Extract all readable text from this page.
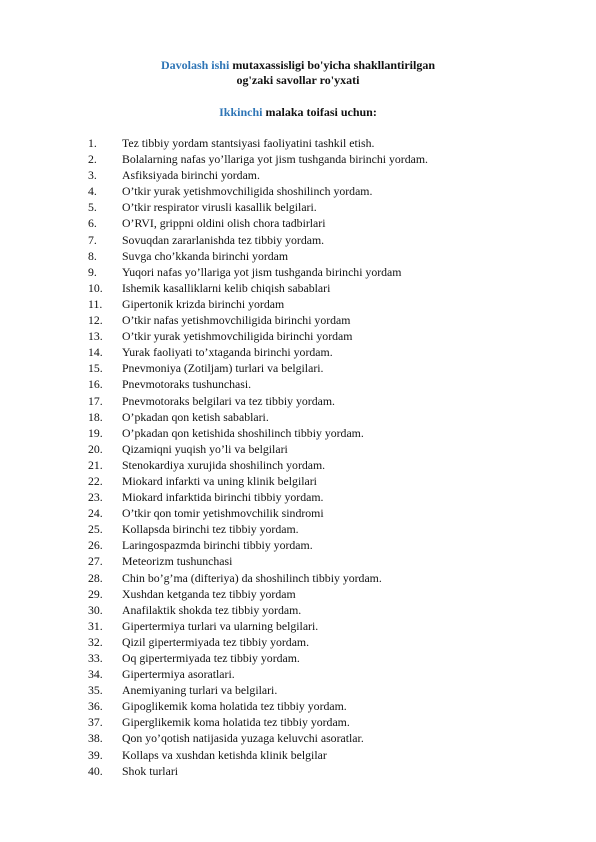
Davolash ishi mutaxassisligi bo'yicha shakllantirilgan
og'zaki savollar ro'yxati
Ikkinchi malaka toifasi uchun:
1.	Tez tibbiy yordam stantsiyasi faoliyatini tashkil etish.
2.	Bolalarning nafas yo’llariga yot jism tushganda birinchi yordam.
3.	Asfiksiyada birinchi yordam.
4.	O’tkir yurak yetishmovchiligida shoshilinch yordam.
5.	O’tkir respirator virusli kasallik belgilari.
6.	O’RVI, grippni oldini olish chora tadbirlari
7.	Sovuqdan zararlanishda tez tibbiy yordam.
8.	Suvga cho’kkanda birinchi yordam
9.	Yuqori nafas yo’llariga yot jism tushganda birinchi yordam
10.	Ishemik kasalliklarni kelib chiqish sabablari
11.	Gipertonik krizda birinchi yordam
12.	O’tkir nafas yetishmovchiligida birinchi yordam
13.	O’tkir yurak yetishmovchiligida birinchi yordam
14.	Yurak faoliyati to’xtaganda birinchi yordam.
15.	Pnevmoniya (Zotiljam) turlari va belgilari.
16.	Pnevmotoraks tushunchasi.
17.	Pnevmotoraks belgilari va tez tibbiy yordam.
18.	O’pkadan qon ketish sabablari.
19.	O’pkadan qon ketishida shoshilinch tibbiy yordam.
20.	Qizamiqni yuqish yo’li va belgilari
21.	Stenokardiya xurujida shoshilinch yordam.
22.	Miokard infarkti va uning klinik belgilari
23.	Miokard infarktida birinchi tibbiy yordam.
24.	O’tkir qon tomir yetishmovchilik sindromi
25.	Kollapsda birinchi tez tibbiy yordam.
26.	Laringospazmda birinchi tibbiy yordam.
27.	Meteorizm tushunchasi
28.	Chin bo’g’ma (difteriya) da shoshilinch tibbiy yordam.
29.	Xushdan ketganda tez tibbiy yordam
30.	Anafilaktik shokda tez tibbiy yordam.
31.	Gipertermiya turlari va ularning belgilari.
32.	Qizil gipertermiyada tez tibbiy yordam.
33.	Oq gipertermiyada tez tibbiy yordam.
34.	Gipertermiya asoratlari.
35.	Anemiyaning turlari va belgilari.
36.	Gipoglikemik koma holatida tez tibbiy yordam.
37.	Giperglikemik koma holatida tez tibbiy yordam.
38.	Qon yo’qotish natijasida yuzaga keluvchi asoratlar.
39.	Kollaps va xushdan ketishda klinik belgilar
40.	Shok turlari
